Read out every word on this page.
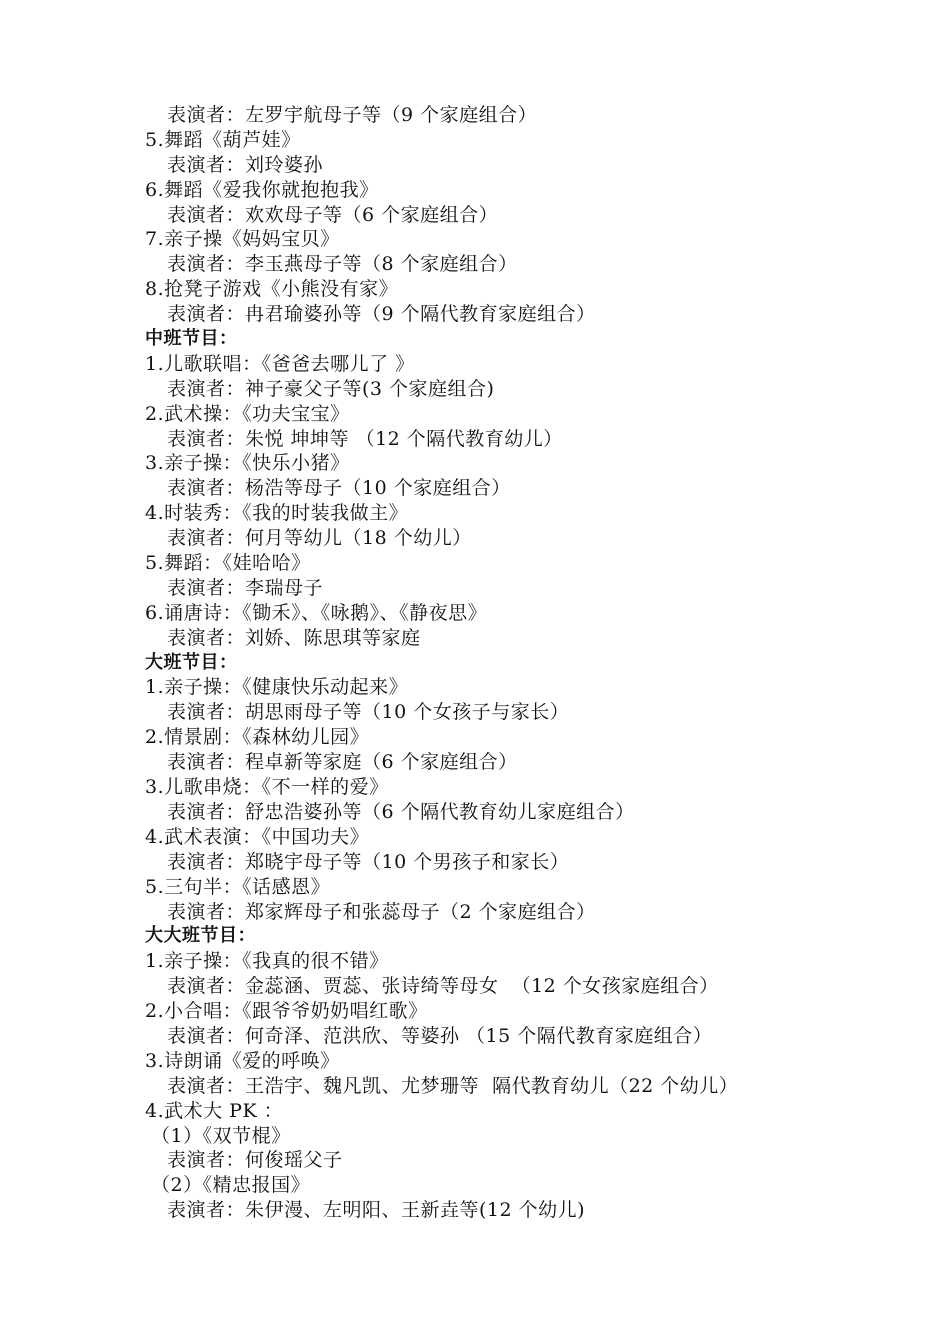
表演者：左罗宇航母子等（9 个家庭组合）
5.舞蹈《葫芦娃》
表演者：刘玲婆孙
6.舞蹈《爱我你就抱抱我》
表演者：欢欢母子等（6 个家庭组合）
7.亲子操《妈妈宝贝》
表演者：李玉燕母子等（8 个家庭组合）
8.抢凳子游戏《小熊没有家》
表演者：冉君瑜婆孙等（9 个隔代教育家庭组合）
中班节目：
1.儿歌联唱：《爸爸去哪儿了 》
表演者：神子豪父子等(3 个家庭组合)
2.武术操：《功夫宝宝》
表演者：朱悦 坤坤等 （12 个隔代教育幼儿）
3.亲子操：《快乐小猪》
表演者：杨浩等母子（10 个家庭组合）
4.时装秀：《我的时装我做主》
表演者：何月等幼儿（18 个幼儿）
5.舞蹈：《娃哈哈》
表演者：李瑞母子
6.诵唐诗：《锄禾》、《咏鹅》、《静夜思》
表演者：刘娇、陈思琪等家庭
大班节目：
1.亲子操：《健康快乐动起来》
表演者：胡思雨母子等（10 个女孩子与家长）
2.情景剧：《森林幼儿园》
表演者：程卓新等家庭（6 个家庭组合）
3.儿歌串烧：《不一样的爱》
表演者：舒忠浩婆孙等（6 个隔代教育幼儿家庭组合）
4.武术表演：《中国功夫》
表演者：郑晓宇母子等（10 个男孩子和家长）
5.三句半：《话感恩》
表演者：郑家辉母子和张蕊母子（2 个家庭组合）
大大班节目：
1.亲子操：《我真的很不错》
表演者：金蕊涵、贾蕊、张诗绮等母女  （12 个女孩家庭组合）
2.小合唱：《跟爷爷奶奶唱红歌》
表演者：何奇泽、范洪欣、等婆孙 （15 个隔代教育家庭组合）
3.诗朗诵《爱的呼唤》
表演者：王浩宇、魏凡凯、尤梦珊等  隔代教育幼儿（22 个幼儿）
4.武术大 PK ：
（1）《双节棍》
表演者：何俊瑶父子
（2）《精忠报国》
表演者：朱伊漫、左明阳、王新垚等(12 个幼儿)
